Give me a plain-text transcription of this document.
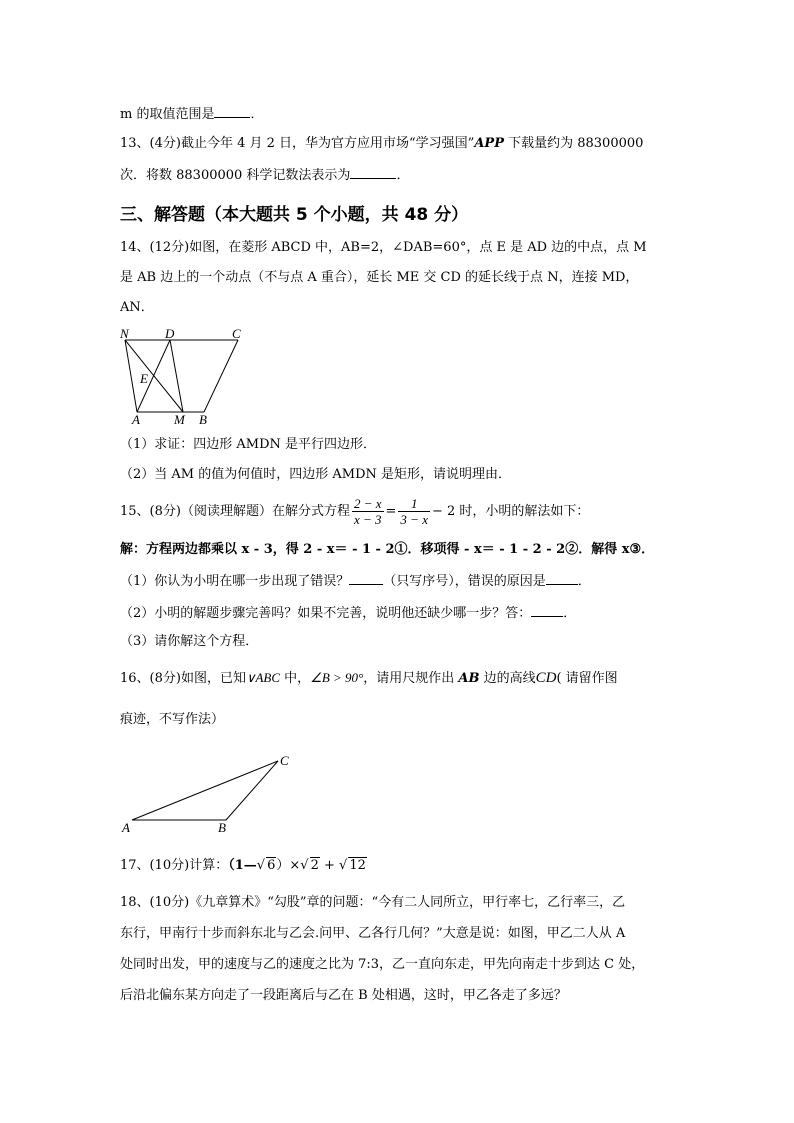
m 的取值范围是	．
13、(4分)截止今年 4 月 2 日，华为官方应用市场“学习强国”APP 下载量约为 88300000
次．将数 88300000 科学记数法表示为	．
三、解答题（本大题共 5 个小题，共 48 分）
14、(12分)如图，在菱形 ABCD 中，AB=2，∠DAB=60°，点 E 是 AD 边的中点，点 M
是 AB 边上的一个动点（不与点 A 重合），延长 ME 交 CD 的延长线于点 N，连接 MD，
AN．
N	D	C
E
A	M B
（1）求证：四边形 AMDN 是平行四边形．
（2）当 AM 的值为何值时，四边形 AMDN 是矩形，请说明理由．
15、(8分)（阅读理解题）在解分式方程 $\frac{2 - x}{x - 3} = \frac{1}{3 - x} - 2$ 时，小明的解法如下：
解：方程两边都乘以 x - 3，得 2 - x＝ - 1 - 2①．移项得 - x＝ - 1 - 2 - 2②．解得 x③．
（1）你认为小明在哪一步出现了错误？	（只写序号），错误的原因是 ．
（2）小明的解题步骤完善吗？如果不完善，说明他还缺少哪一步？答： ．
（3）请你解这个方程．
16、(8分)如图，已知∨ABC 中，∠B > 90°，请用尺规作出 AB 边的高线CD( 请留作图
痕迹，不写作法）
A	B
C
17、(10分)计算：（1—√ 6）×√ 2 + √ 12
18、(10分)《九章算术》“勾股”章的问题：“今有二人同所立，甲行率七，乙行率三，乙
东行，甲南行十步而斜东北与乙会.问甲、乙各行几何？”大意是说：如图，甲乙二人从 A
处同时出发，甲的速度与乙的速度之比为 7:3，乙一直向东走，甲先向南走十步到达 C 处，
后沿北偏东某方向走了一段距离后与乙在 B 处相遇，这时，甲乙各走了多远？
